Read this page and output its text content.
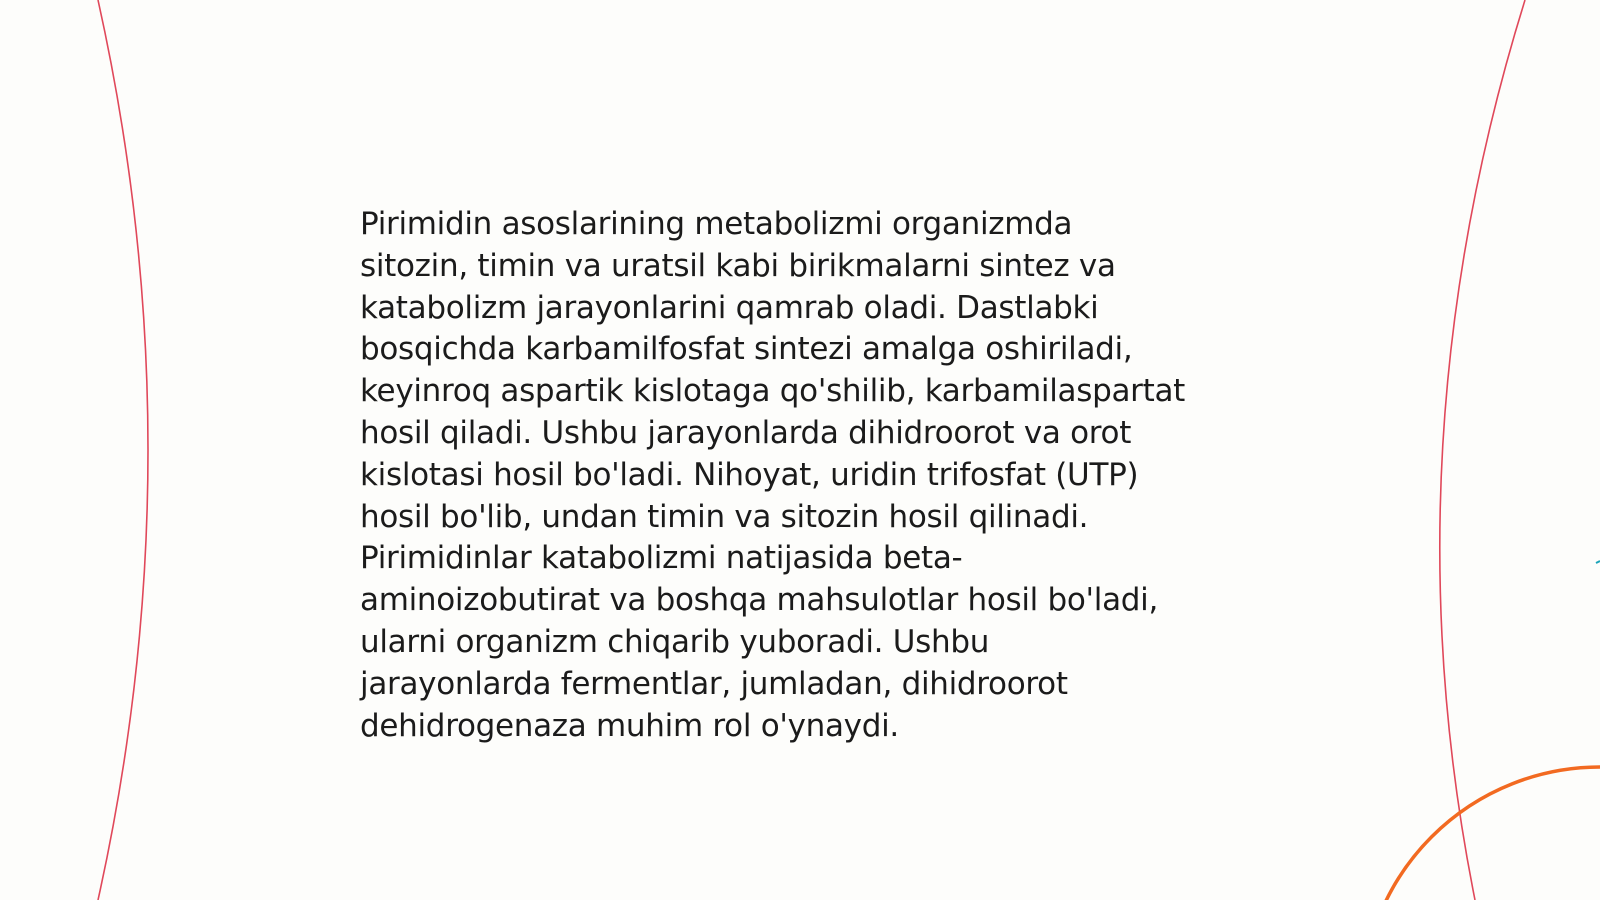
Pirimidin asoslarining metabolizmi organizmda
sitozin, timin va uratsil kabi birikmalarni sintez va
katabolizm jarayonlarini qamrab oladi. Dastlabki
bosqichda karbamilfosfat sintezi amalga oshiriladi,
keyinroq aspartik kislotaga qo'shilib, karbamilaspartat
hosil qiladi. Ushbu jarayonlarda dihidroorot va orot
kislotasi hosil bo'ladi. Nihoyat, uridin trifosfat (UTP)
hosil bo'lib, undan timin va sitozin hosil qilinadi.
Pirimidinlar katabolizmi natijasida beta-
aminoizobutirat va boshqa mahsulotlar hosil bo'ladi,
ularni organizm chiqarib yuboradi. Ushbu
jarayonlarda fermentlar, jumladan, dihidroorot
dehidrogenaza muhim rol o'ynaydi.
